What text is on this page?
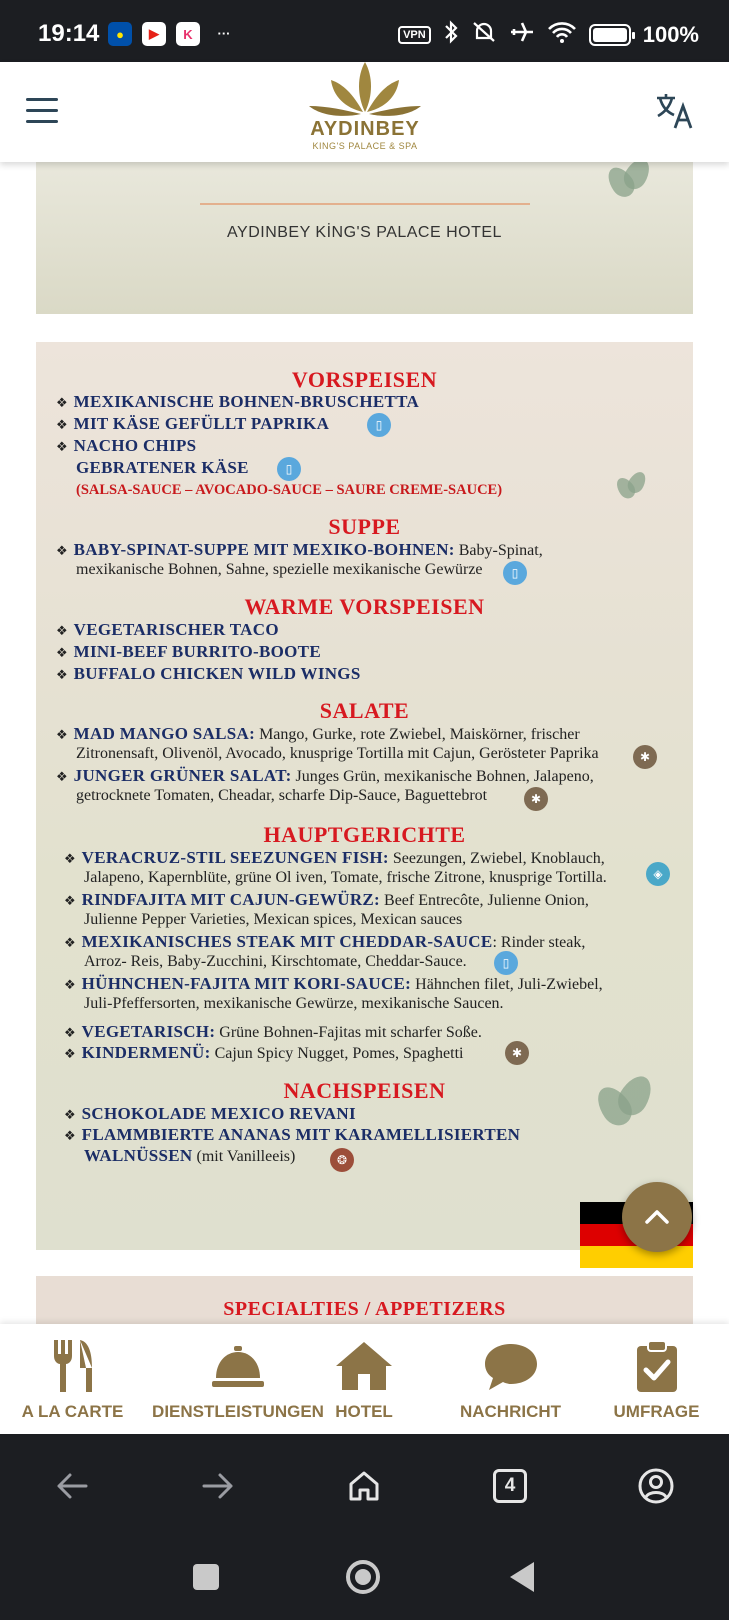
19:14	●	▶	K	···	VPN	100%
AYDINBEY
KING'S PALACE & SPA
AYDINBEY KİNG'S PALACE HOTEL
VORSPEISEN
❖ MEXIKANISCHE BOHNEN-BRUSCHETTA
❖ MIT KÄSE GEFÜLLT PAPRIKA	▯
❖ NACHO CHIPS
GEBRATENER KÄSE	▯
(SALSA-SAUCE – AVOCADO-SAUCE – SAURE CREME-SAUCE)
SUPPE
❖ BABY-SPINAT-SUPPE MIT MEXIKO-BOHNEN: Baby-Spinat,
mexikanische Bohnen, Sahne, spezielle mexikanische Gewürze	▯
WARME VORSPEISEN
❖ VEGETARISCHER TACO
❖ MINI-BEEF BURRITO-BOOTE
❖ BUFFALO CHICKEN WILD WINGS
SALATE
❖ MAD MANGO SALSA: Mango, Gurke, rote Zwiebel, Maiskörner, frischer
Zitronensaft, Olivenöl, Avocado, knusprige Tortilla mit Cajun, Gerösteter Paprika	✱
❖ JUNGER GRÜNER SALAT: Junges Grün, mexikanische Bohnen, Jalapeno,
getrocknete Tomaten, Cheadar, scharfe Dip-Sauce, Baguettebrot	✱
HAUPTGERICHTE
❖ VERACRUZ-STIL SEEZUNGEN FISH: Seezungen, Zwiebel, Knoblauch,
Jalapeno, Kapernblüte, grüne Ol iven, Tomate, frische Zitrone, knusprige Tortilla.	◈
❖ RINDFAJITA MIT CAJUN-GEWÜRZ: Beef Entrecôte, Julienne Onion,
Julienne Pepper Varieties, Mexican spices, Mexican sauces
❖ MEXIKANISCHES STEAK MIT CHEDDAR-SAUCE: Rinder steak,
Arroz- Reis, Baby-Zucchini, Kirschtomate, Cheddar-Sauce.	▯
❖ HÜHNCHEN-FAJITA MIT KORI-SAUCE: Hähnchen filet, Juli-Zwiebel,
Juli-Pfeffersorten, mexikanische Gewürze, mexikanische Saucen.
❖ VEGETARISCH: Grüne Bohnen-Fajitas mit scharfer Soße.
❖ KINDERMENÜ: Cajun Spicy Nugget, Pomes, Spaghetti	✱
NACHSPEISEN
❖ SCHOKOLADE MEXICO REVANI
❖ FLAMMBIERTE ANANAS MIT KARAMELLISIERTEN
WALNÜSSEN (mit Vanilleeis)	❂
SPECIALTIES / APPETIZERS
A LA CARTE	DIENSTLEISTUNGEN HOTEL	NACHRICHT	UMFRAGE
4
